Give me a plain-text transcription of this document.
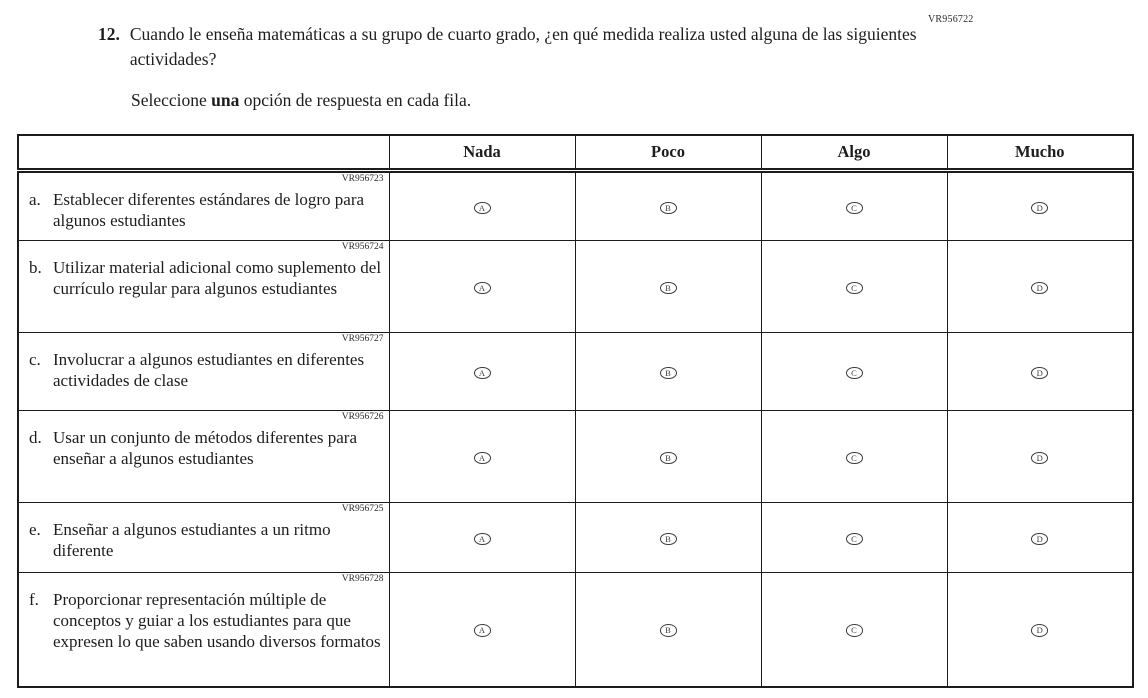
VR956722
12. Cuando le enseña matemáticas a su grupo de cuarto grado, ¿en qué medida realiza usted alguna de las siguientes actividades?
Seleccione una opción de respuesta en cada fila.
	Nada	Poco	Algo	Mucho

VR956723
a. Establecer diferentes estándares de logro para algunos estudiantes	A	B	C	D

VR956724
b. Utilizar material adicional como suplemento del currículo regular para algunos estudiantes	A	B	C	D

VR956727
c. Involucrar a algunos estudiantes en diferentes actividades de clase	A	B	C	D

VR956726
d. Usar un conjunto de métodos diferentes para enseñar a algunos estudiantes	A	B	C	D

VR956725
e. Enseñar a algunos estudiantes a un ritmo diferente	A	B	C	D

VR956728
f. Proporcionar representación múltiple de conceptos y guiar a los estudiantes para que expresen lo que saben usando diversos formatos	A	B	C	D
